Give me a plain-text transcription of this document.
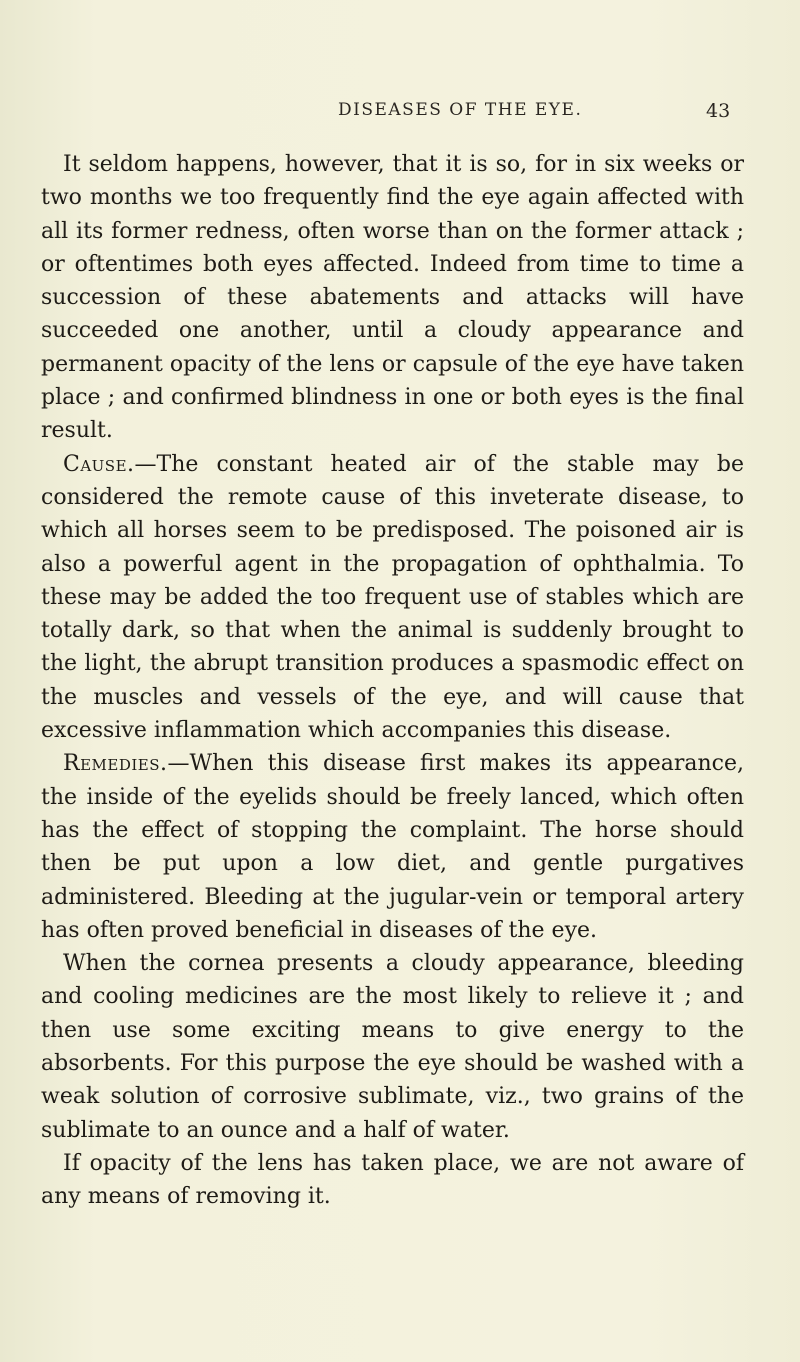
DISEASES OF THE EYE.	43

It seldom happens, however, that it is so, for in six weeks or two months we too frequently find the eye again affected with all its former redness, often worse than on the former attack ; or oftentimes both eyes affected. Indeed from time to time a succession of these abatements and attacks will have succeeded one another, until a cloudy appearance and permanent opacity of the lens or capsule of the eye have taken place ; and confirmed blindness in one or both eyes is the final result.

Cause.—The constant heated air of the stable may be considered the remote cause of this inveterate disease, to which all horses seem to be predisposed. The poisoned air is also a powerful agent in the propagation of ophthalmia. To these may be added the too frequent use of stables which are totally dark, so that when the animal is suddenly brought to the light, the abrupt transition produces a spasmodic effect on the muscles and vessels of the eye, and will cause that excessive inflammation which accompanies this disease.

Remedies.—When this disease first makes its appearance, the inside of the eyelids should be freely lanced, which often has the effect of stopping the complaint. The horse should then be put upon a low diet, and gentle purgatives administered. Bleeding at the jugular-vein or temporal artery has often proved beneficial in diseases of the eye.

When the cornea presents a cloudy appearance, bleeding and cooling medicines are the most likely to relieve it ; and then use some exciting means to give energy to the absorbents. For this purpose the eye should be washed with a weak solution of corrosive sublimate, viz., two grains of the sublimate to an ounce and a half of water.

If opacity of the lens has taken place, we are not aware of any means of removing it.
